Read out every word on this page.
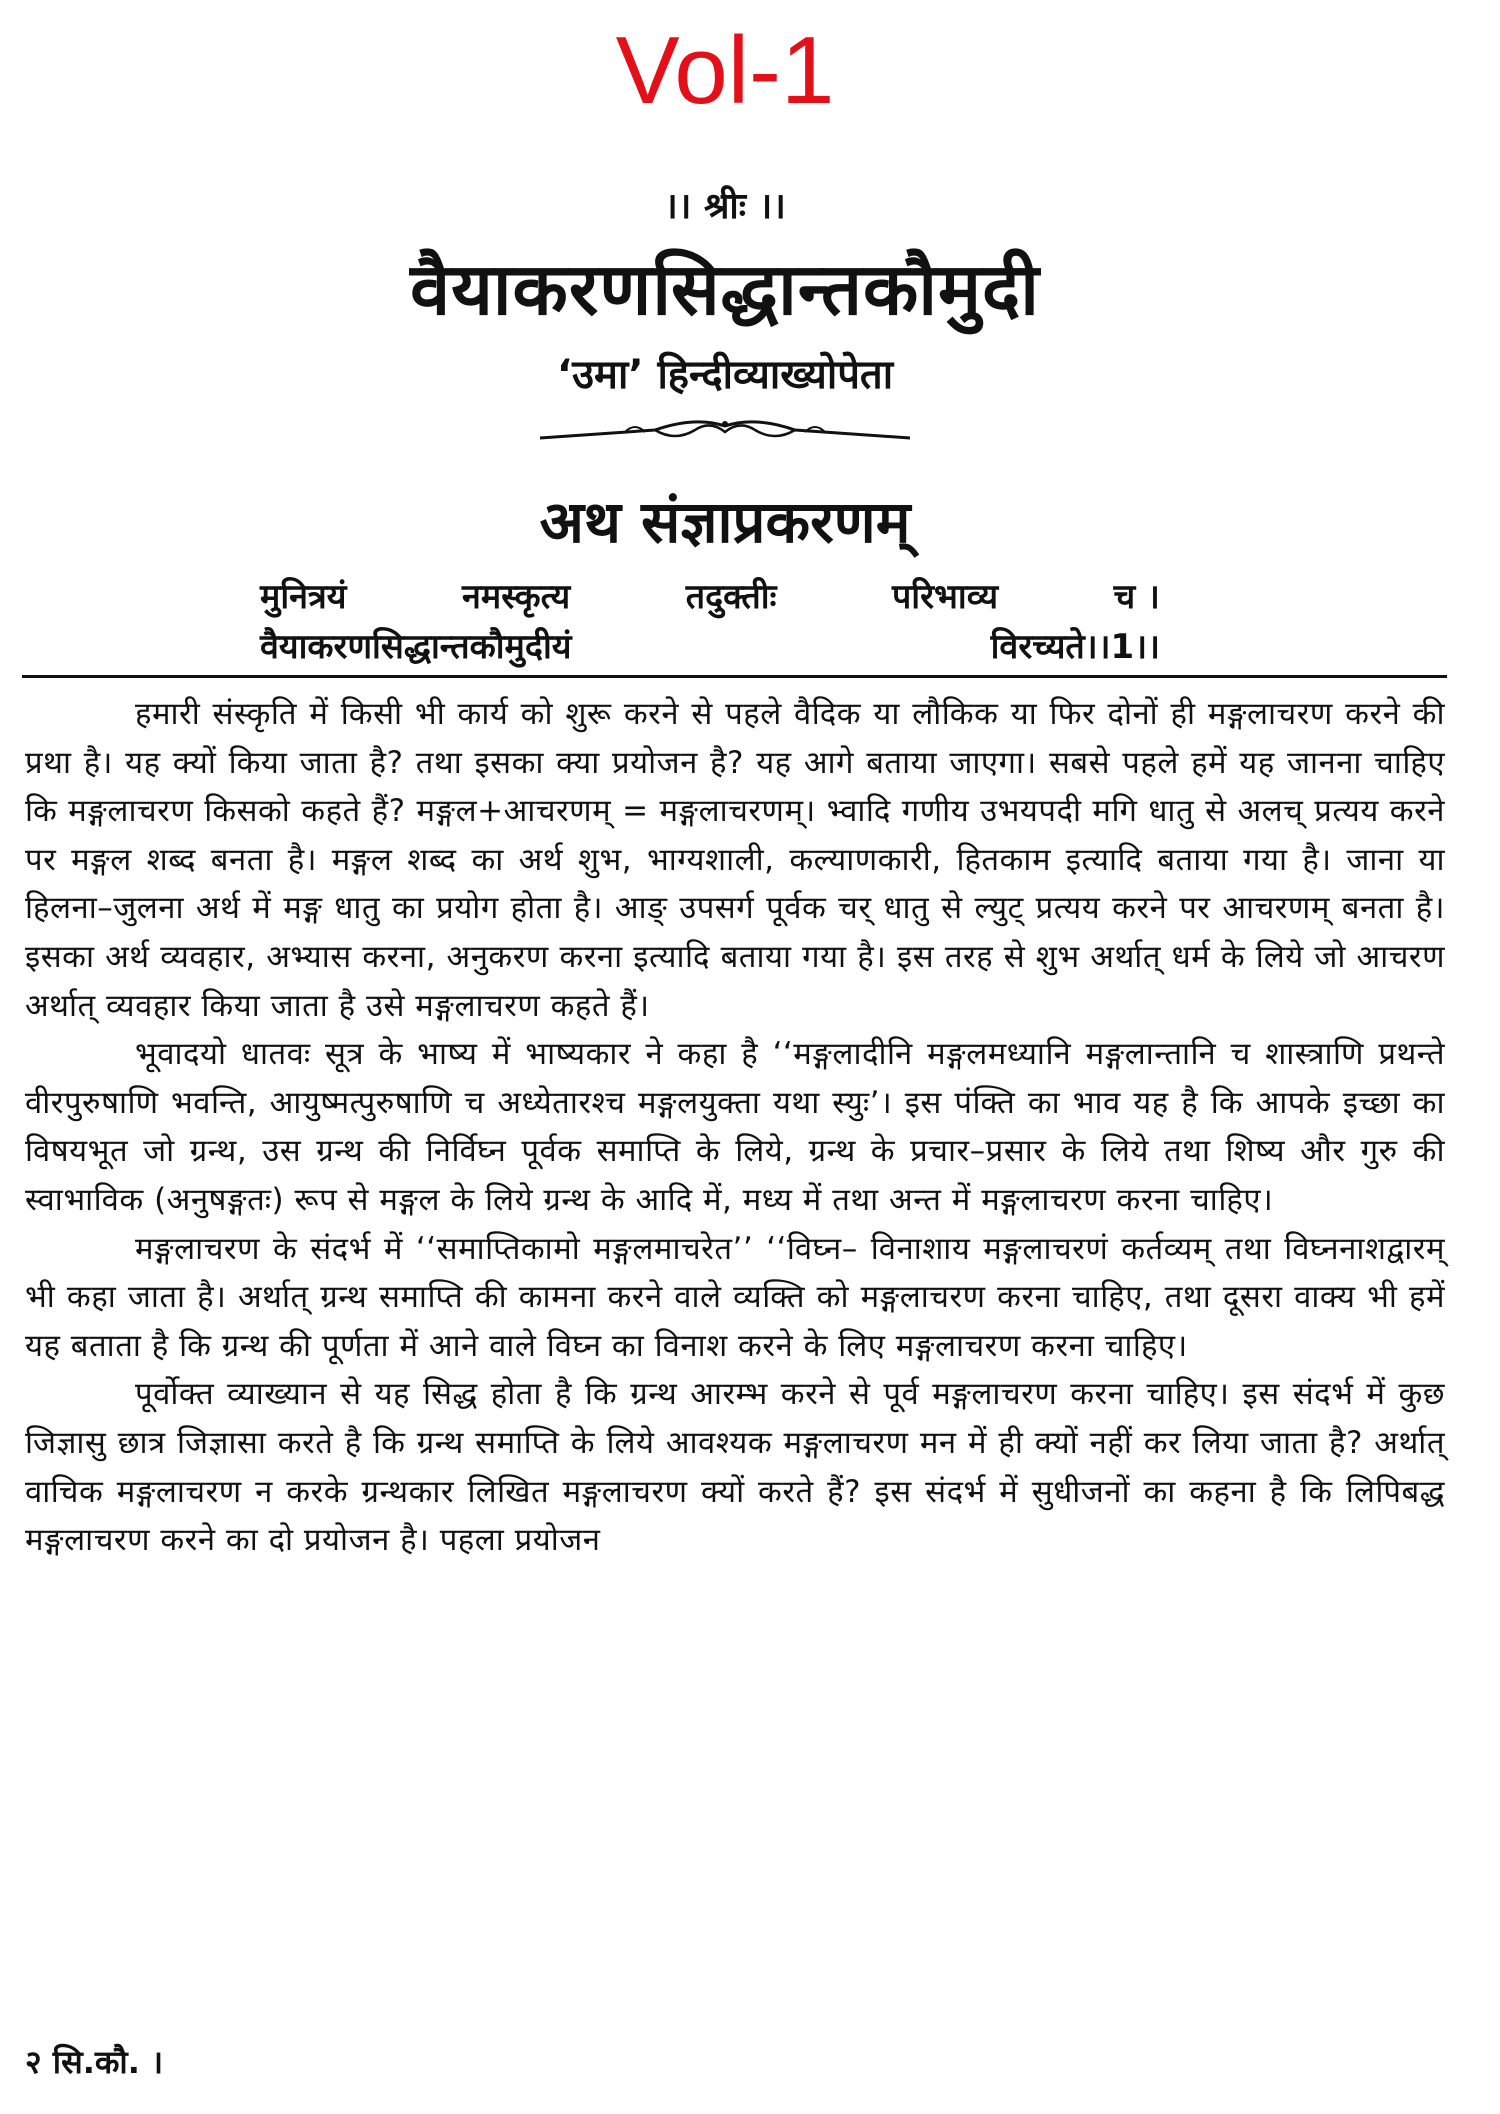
Vol-1
।। श्रीः ।।
वैयाकरणसिद्धान्तकौमुदी
‘उमा’ हिन्दीव्याख्योपेता
अथ संज्ञाप्रकरणम्
मुनित्रयं	नमस्कृत्य	तदुक्तीः	परिभाव्य	च ।
वैयाकरणसिद्धान्तकौमुदीयं	विरच्यते।।1।।

हमारी संस्कृति में किसी भी कार्य को शुरू करने से पहले वैदिक या लौकिक या फिर दोनों ही मङ्गलाचरण करने की प्रथा है। यह क्यों किया जाता है? तथा इसका क्या प्रयोजन है? यह आगे बताया जाएगा। सबसे पहले हमें यह जानना चाहिए कि मङ्गलाचरण किसको कहते हैं? मङ्गल+आचरणम् = मङ्गलाचरणम्। भ्वादि गणीय उभयपदी मगि धातु से अलच् प्रत्यय करने पर मङ्गल शब्द बनता है। मङ्गल शब्द का अर्थ शुभ, भाग्यशाली, कल्याणकारी, हितकाम इत्यादि बताया गया है। जाना या हिलना–जुलना अर्थ में मङ्ग धातु का प्रयोग होता है। आङ् उपसर्ग पूर्वक चर् धातु से ल्युट् प्रत्यय करने पर आचरणम् बनता है। इसका अर्थ व्यवहार, अभ्यास करना, अनुकरण करना इत्यादि बताया गया है। इस तरह से शुभ अर्थात् धर्म के लिये जो आचरण अर्थात् व्यवहार किया जाता है उसे मङ्गलाचरण कहते हैं।

भूवादयो धातवः सूत्र के भाष्य में भाष्यकार ने कहा है ‘‘मङ्गलादीनि मङ्गलमध्यानि मङ्गलान्तानि च शास्त्राणि प्रथन्ते वीरपुरुषाणि भवन्ति, आयुष्मत्पुरुषाणि च अध्येतारश्च मङ्गलयुक्ता यथा स्युः’। इस पंक्ति का भाव यह है कि आपके इच्छा का विषयभूत जो ग्रन्थ, उस ग्रन्थ की निर्विघ्न पूर्वक समाप्ति के लिये, ग्रन्थ के प्रचार–प्रसार के लिये तथा शिष्य और गुरु की स्वाभाविक (अनुषङ्गतः) रूप से मङ्गल के लिये ग्रन्थ के आदि में, मध्य में तथा अन्त में मङ्गलाचरण करना चाहिए।

मङ्गलाचरण के संदर्भ में ‘‘समाप्तिकामो मङ्गलमाचरेत’’ ‘‘विघ्न– विनाशाय मङ्गलाचरणं कर्तव्यम् तथा विघ्ननाशद्वारम् भी कहा जाता है। अर्थात् ग्रन्थ समाप्ति की कामना करने वाले व्यक्ति को मङ्गलाचरण करना चाहिए, तथा दूसरा वाक्य भी हमें यह बताता है कि ग्रन्थ की पूर्णता में आने वाले विघ्न का विनाश करने के लिए मङ्गलाचरण करना चाहिए।

पूर्वोक्त व्याख्यान से यह सिद्ध होता है कि ग्रन्थ आरम्भ करने से पूर्व मङ्गलाचरण करना चाहिए। इस संदर्भ में कुछ जिज्ञासु छात्र जिज्ञासा करते है कि ग्रन्थ समाप्ति के लिये आवश्यक मङ्गलाचरण मन में ही क्यों नहीं कर लिया जाता है? अर्थात् वाचिक मङ्गलाचरण न करके ग्रन्थकार लिखित मङ्गलाचरण क्यों करते हैं? इस संदर्भ में सुधीजनों का कहना है कि लिपिबद्ध मङ्गलाचरण करने का दो प्रयोजन है। पहला प्रयोजन

२ सि.कौ. ।
